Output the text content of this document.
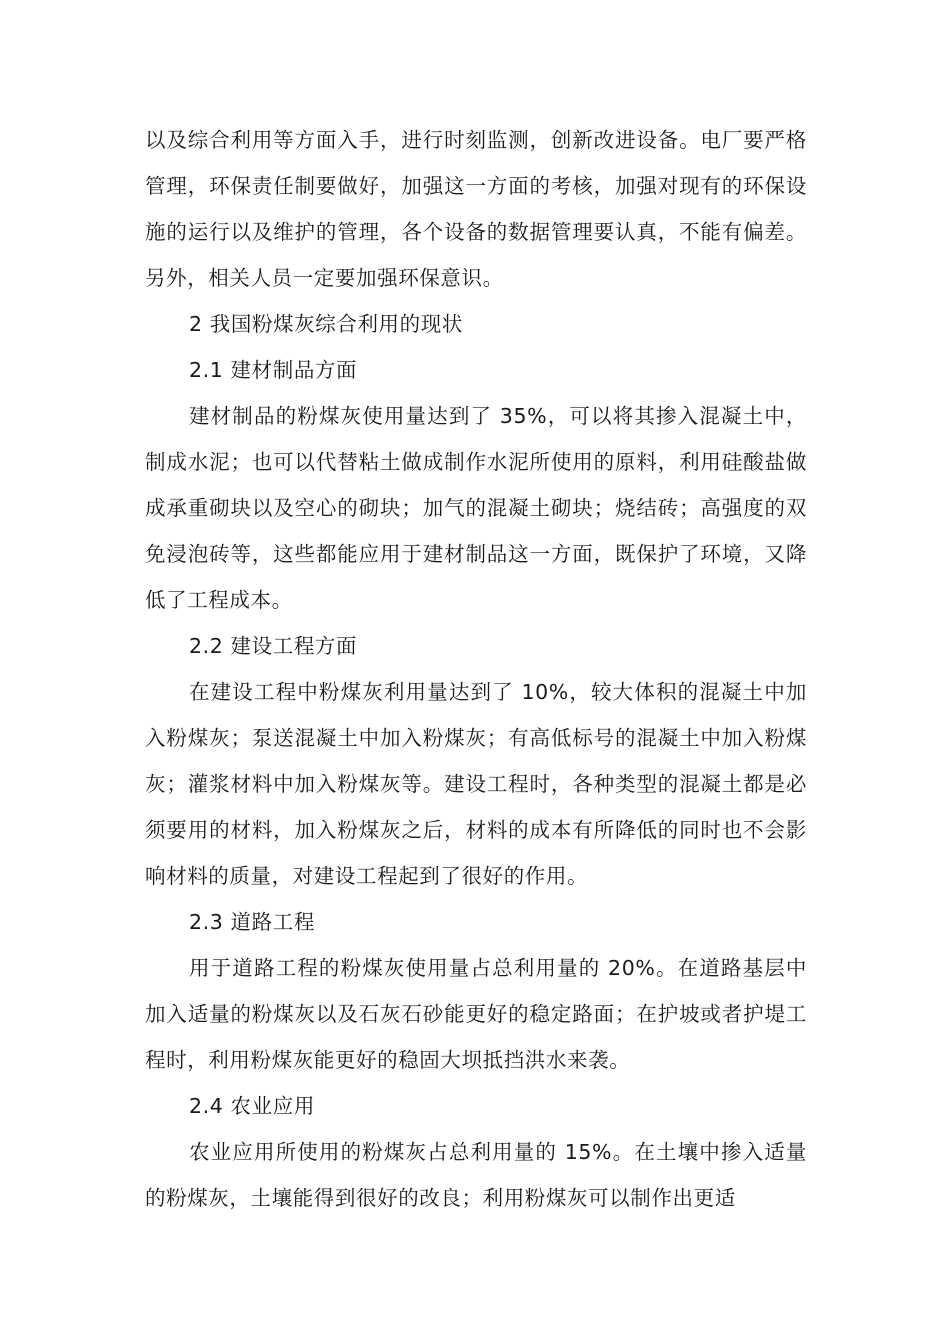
以及综合利用等方面入手，进行时刻监测，创新改进设备。电厂要严格管理，环保责任制要做好，加强这一方面的考核，加强对现有的环保设施的运行以及维护的管理，各个设备的数据管理要认真，不能有偏差。另外，相关人员一定要加强环保意识。

2 我国粉煤灰综合利用的现状

2.1 建材制品方面

建材制品的粉煤灰使用量达到了 35%，可以将其掺入混凝土中，制成水泥；也可以代替粘土做成制作水泥所使用的原料，利用硅酸盐做成承重砌块以及空心的砌块；加气的混凝土砌块；烧结砖；高强度的双免浸泡砖等，这些都能应用于建材制品这一方面，既保护了环境，又降低了工程成本。

2.2 建设工程方面

在建设工程中粉煤灰利用量达到了 10%，较大体积的混凝土中加入粉煤灰；泵送混凝土中加入粉煤灰；有高低标号的混凝土中加入粉煤灰；灌浆材料中加入粉煤灰等。建设工程时，各种类型的混凝土都是必须要用的材料，加入粉煤灰之后，材料的成本有所降低的同时也不会影响材料的质量，对建设工程起到了很好的作用。

2.3 道路工程

用于道路工程的粉煤灰使用量占总利用量的 20%。在道路基层中加入适量的粉煤灰以及石灰石砂能更好的稳定路面；在护坡或者护堤工程时，利用粉煤灰能更好的稳固大坝抵挡洪水来袭。

2.4 农业应用

农业应用所使用的粉煤灰占总利用量的 15%。在土壤中掺入适量的粉煤灰，土壤能得到很好的改良；利用粉煤灰可以制作出更适
